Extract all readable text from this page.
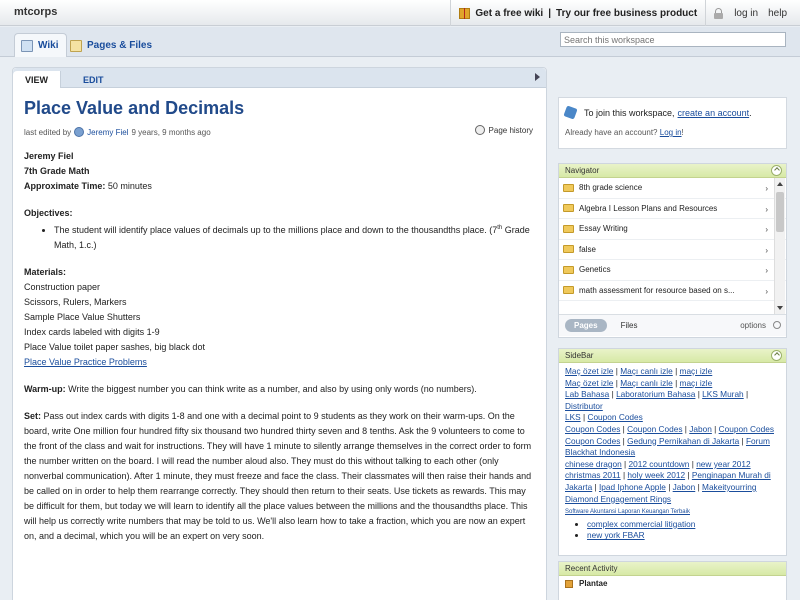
mtcorps	Get a free wiki | Try our free business product	log in help
Wiki	Pages & Files
Search this workspace
VIEW	EDIT
Place Value and Decimals
last edited by Jeremy Fiel 9 years, 9 months ago	Page history

Jeremy Fiel

7th Grade Math

Approximate Time: 50 minutes

Objectives:

• The student will identify place values of decimals up to the millions place and down to the thousandths place. (7th Grade Math, 1.c.)

Materials:

Construction paper

Scissors, Rulers, Markers

Sample Place Value Shutters

Index cards labeled with digits 1-9

Place Value toilet paper sashes, big black dot

Place Value Practice Problems

Warm-up: Write the biggest number you can think write as a number, and also by using only words (no numbers).

Set: Pass out index cards with digits 1-8 and one with a decimal point to 9 students as they work on their warm-ups. On the board, write One million four hundred fifty six thousand two hundred thirty seven and 8 tenths. Ask the 9 volunteers to come to the front of the class and wait for instructions. They will have 1 minute to silently arrange themselves in the correct order to form the number written on the board. I will read the number aloud also. They must do this without talking to each other (only nonverbal communication). After 1 minute, they must freeze and face the class. Their classmates will then raise their hands and be called on in order to help them rearrange correctly. They should then return to their seats. Use tickets as rewards. This may be difficult for them, but today we will learn to identify all the place values between the millions and the thousandths place. This will help us correctly write numbers that may be told to us. We'll also learn how to take a fraction, which you are now an expert on, and a decimal, which you will be an expert on very soon.

To join this workspace, create an account .
Already have an account? Log in!
Navigator
8th grade science	›
Algebra I Lesson Plans and Resources	›
Essay Writing	›
false	›
Genetics	›
math assessment for resource based on s...	›
Pages	Files	options
SideBar
Maç özet izle | Maçı canlı izle | maçı izle
Maç özet izle | Maçı canlı izle | maçı izle
Lab Bahasa | Laboratorium Bahasa | LKS Murah | Distributor
LKS | Coupon Codes
Coupon Codes | Coupon Codes | Jabon | Coupon Codes
Coupon Codes | Gedung Pernikahan di Jakarta | Forum
Blackhat Indonesia
chinese dragon | 2012 countdown | new year 2012
christmas 2011 | holy week 2012 | Penginapan Murah di
Jakarta | Ipad Iphone Apple | Jabon | Makeityourring
Diamond Engagement Rings
Software Akuntansi Laporan Keuangan Terbaik
• complex commercial litigation
• new york FBAR
Recent Activity
Plantae
